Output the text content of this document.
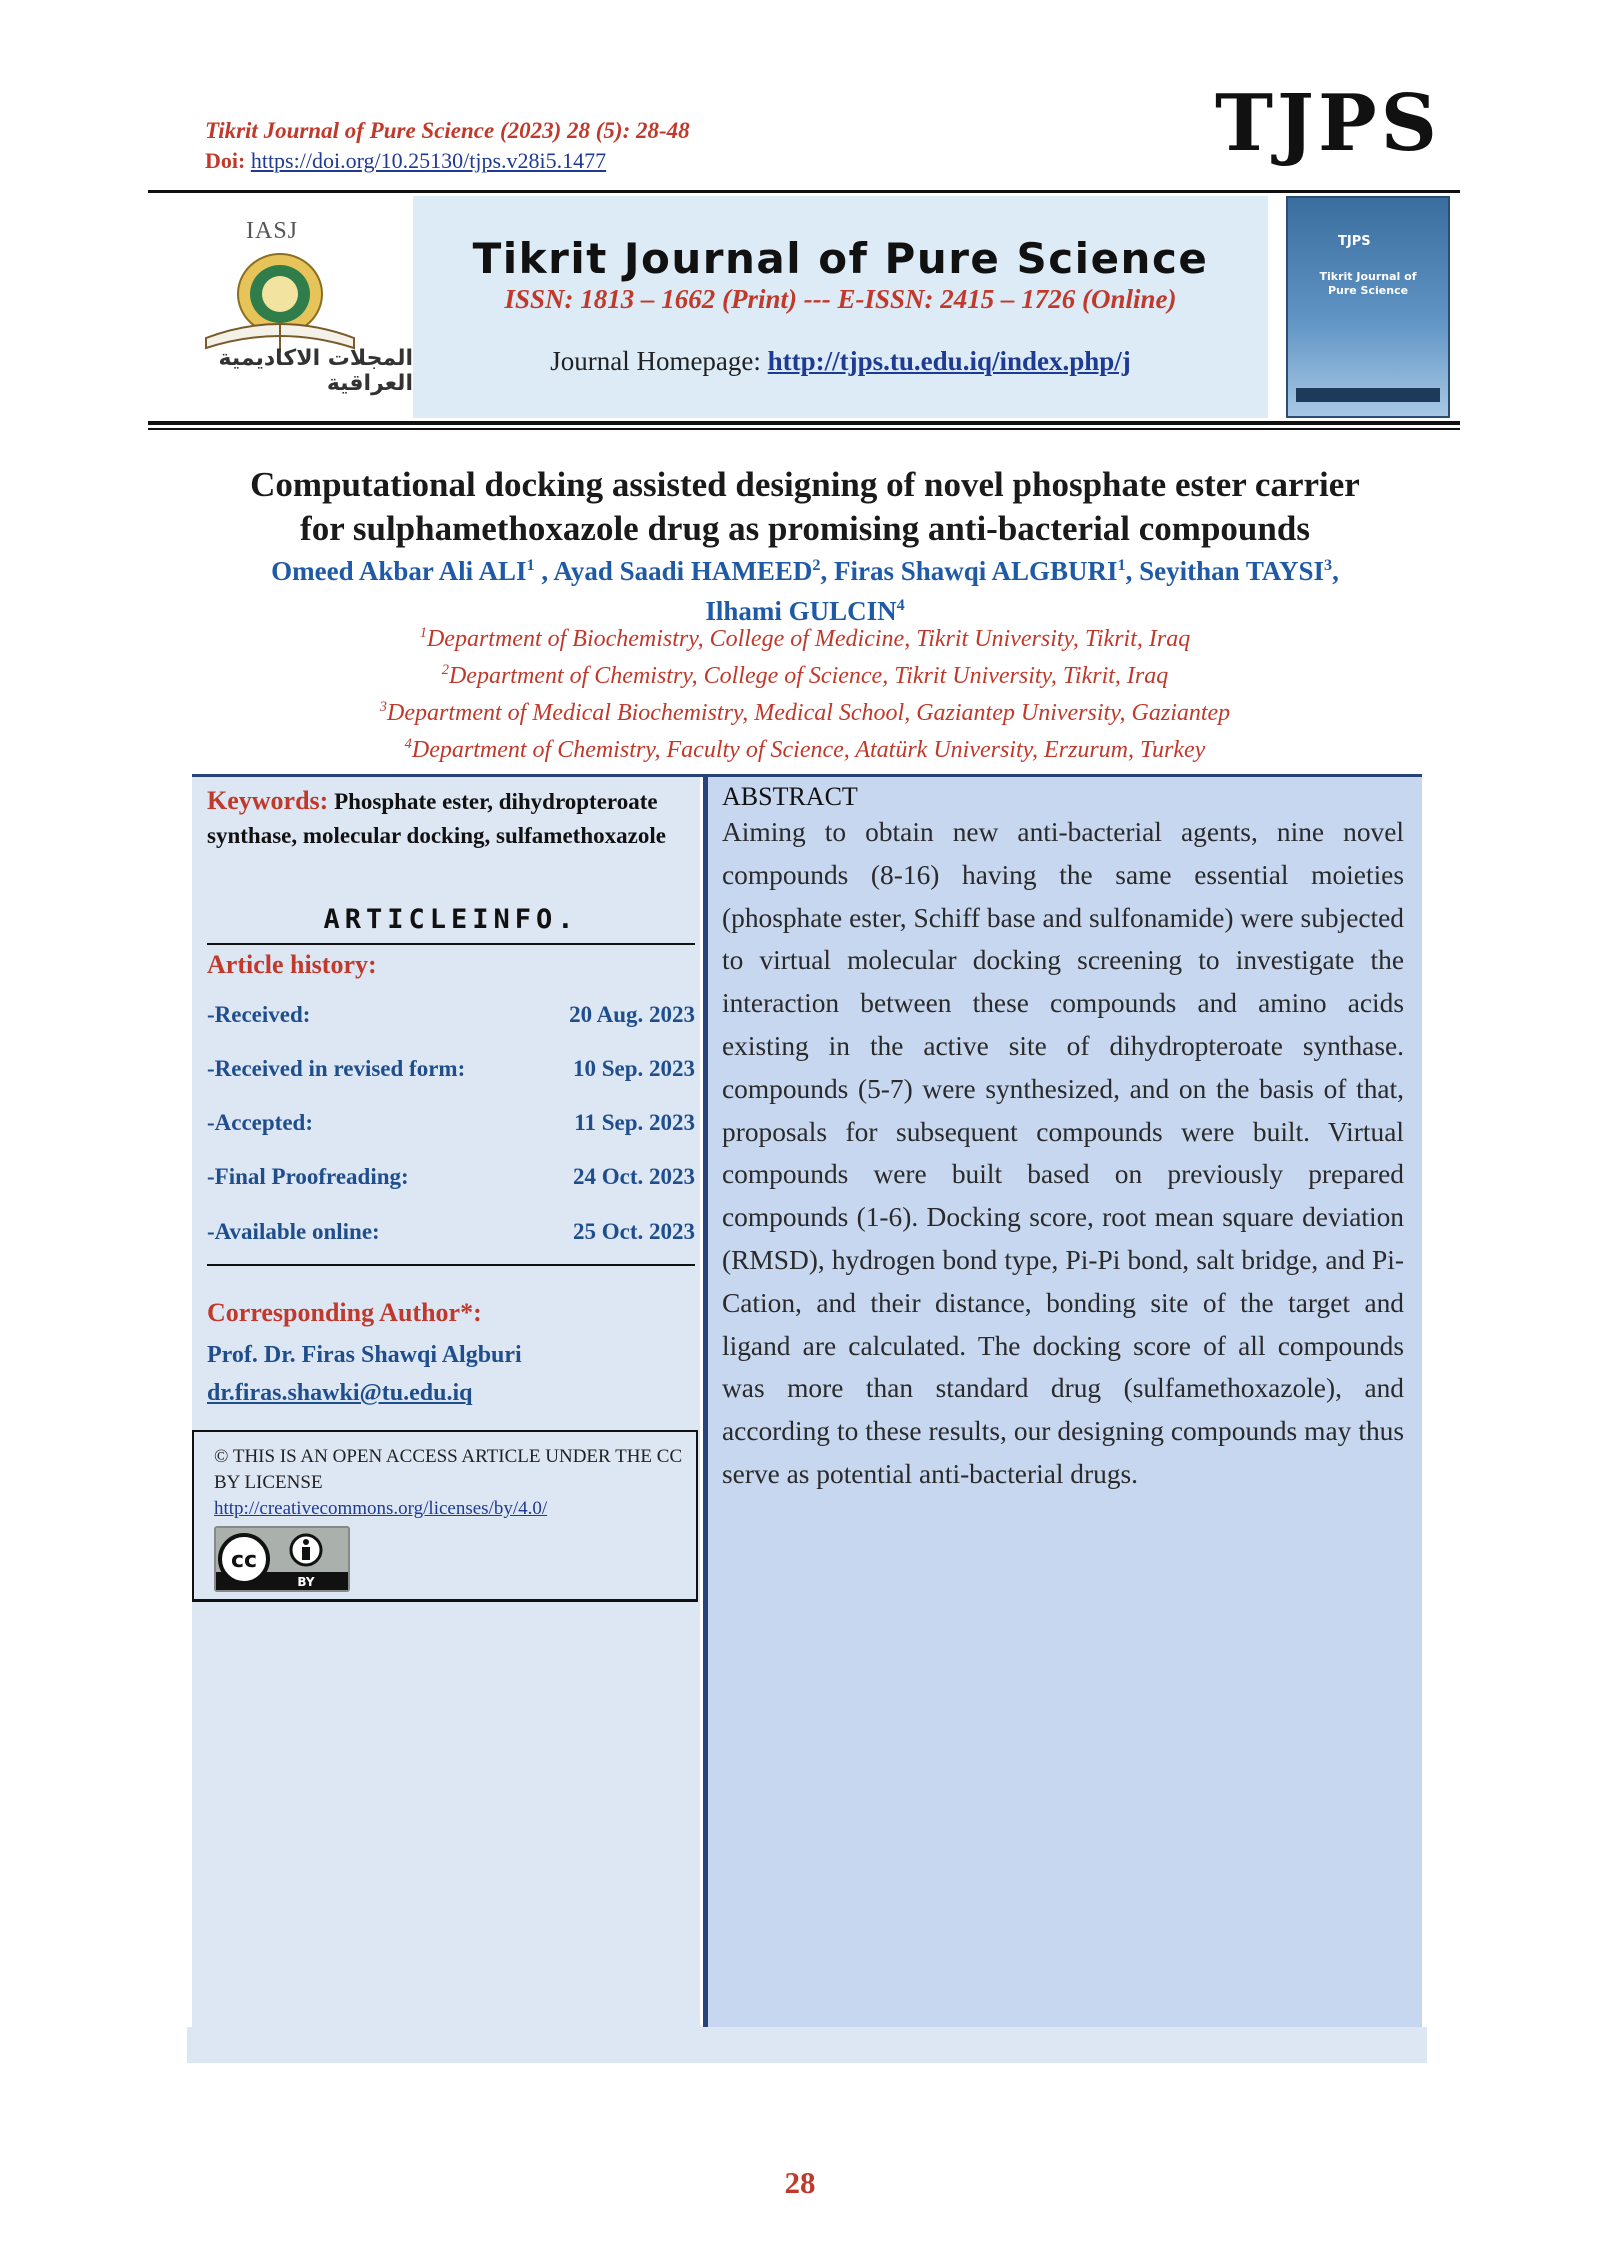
Tikrit Journal of Pure Science (2023) 28 (5): 28-48
Doi: https://doi.org/10.25130/tjps.v28i5.1477	TJPS
IASJ
المجلات الاكاديمية العراقية
Tikrit Journal of Pure Science
ISSN: 1813 – 1662 (Print) --- E-ISSN: 2415 – 1726 (Online)
Journal Homepage: http://tjps.tu.edu.iq/index.php/j
TJPS
Tikrit Journal of Pure Science
Computational docking assisted designing of novel phosphate ester carrier
for sulphamethoxazole drug as promising anti-bacterial compounds
Omeed Akbar Ali ALI$^1$ , Ayad Saadi HAMEED$^2$, Firas Shawqi ALGBURI$^1$, Seyithan TAYSI$^3$,
Ilhami GULCIN$^4$
$^1$Department of Biochemistry, College of Medicine, Tikrit University, Tikrit, Iraq
$^2$Department of Chemistry, College of Science, Tikrit University, Tikrit, Iraq
$^3$Department of Medical Biochemistry, Medical School, Gaziantep University, Gaziantep
$^4$Department of Chemistry, Faculty of Science, Atatürk University, Erzurum, Turkey
Keywords: Phosphate ester, dihydropteroate synthase, molecular docking, sulfamethoxazole
ARTICLEINFO.
Article history:
-Received:	20 Aug. 2023
-Received in revised form:	10 Sep. 2023
-Accepted:	11 Sep. 2023
-Final Proofreading:	24 Oct. 2023
-Available online:	25 Oct. 2023
Corresponding Author*:
Prof. Dr. Firas Shawqi Algburi
dr.firas.shawki@tu.edu.iq
© THIS IS AN OPEN ACCESS ARTICLE UNDER THE CC BY LICENSE
http://creativecommons.org/licenses/by/4.0/
cc
BY
ABSTRACT
Aiming to obtain new anti-bacterial agents, nine novel compounds (8-16) having the same essential moieties (phosphate ester, Schiff base and sulfonamide) were subjected to virtual molecular docking screening to investigate the interaction between these compounds and amino acids existing in the active site of dihydropteroate synthase. compounds (5-7) were synthesized, and on the basis of that, proposals for subsequent compounds were built. Virtual compounds were built based on previously prepared compounds (1-6). Docking score, root mean square deviation (RMSD), hydrogen bond type, Pi-Pi bond, salt bridge, and Pi-Cation, and their distance, bonding site of the target and ligand are calculated. The docking score of all compounds was more than standard drug (sulfamethoxazole), and according to these results, our designing compounds may thus serve as potential anti-bacterial drugs.
28
